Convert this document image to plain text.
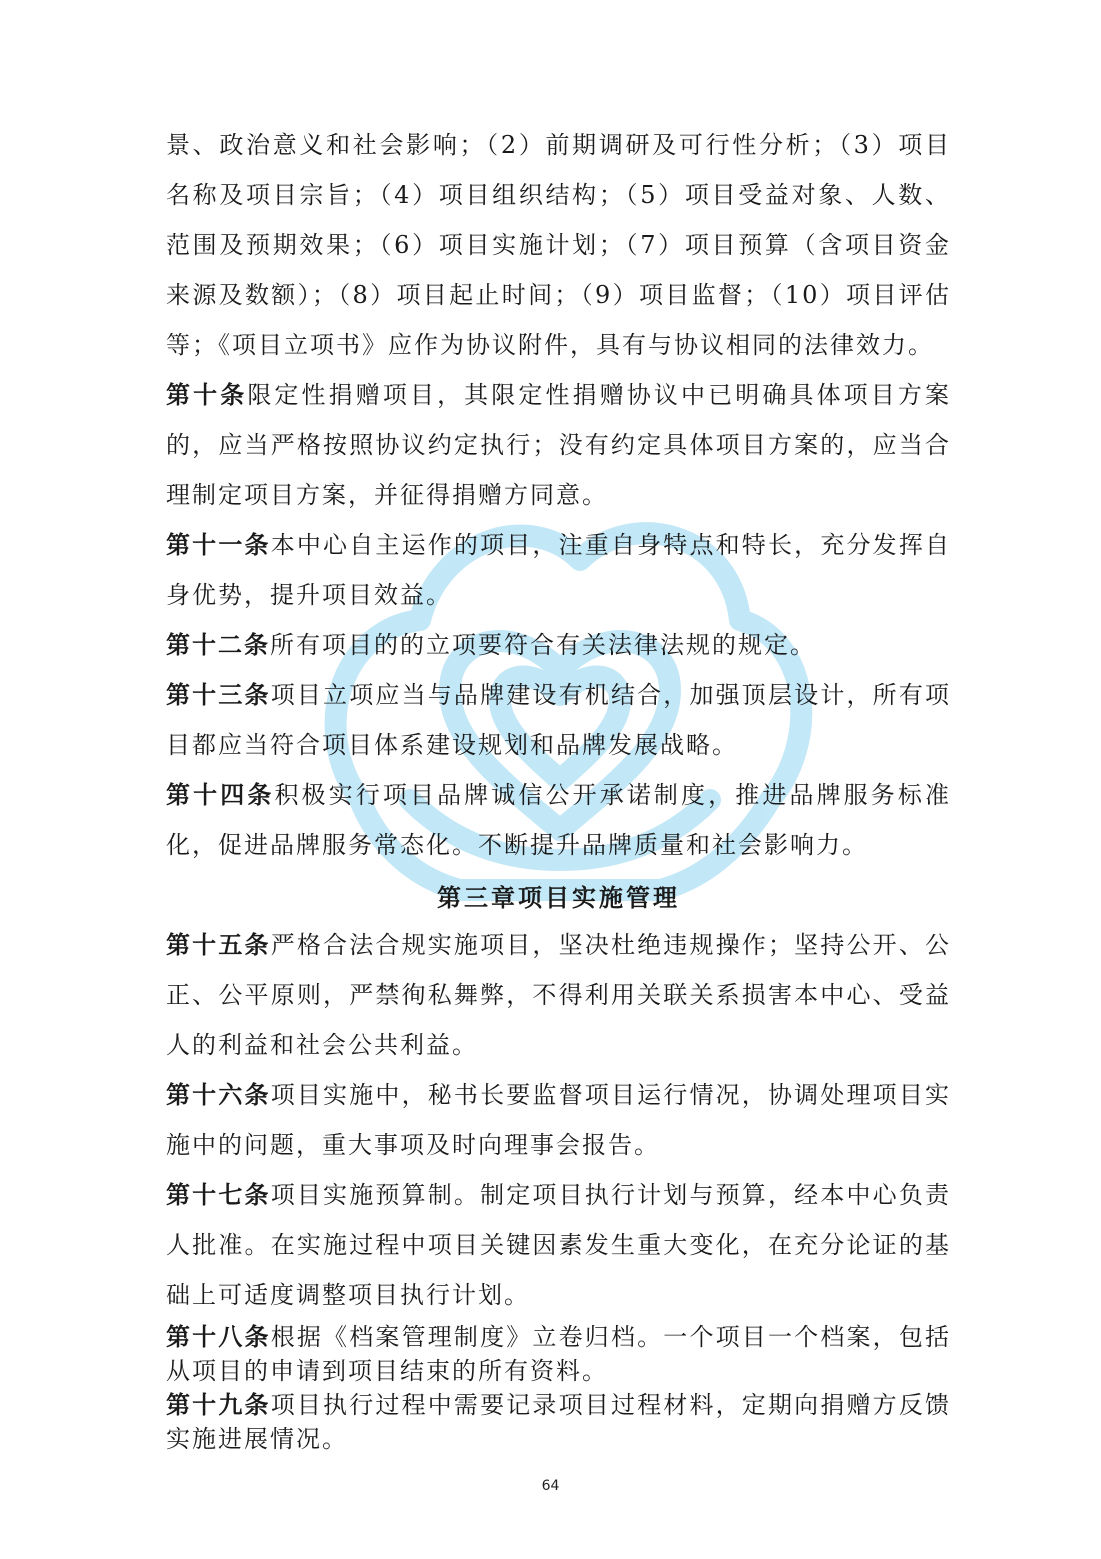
景、政治意义和社会影响；（2）前期调研及可行性分析；（3）项目名称及项目宗旨；（4）项目组织结构；（5）项目受益对象、人数、范围及预期效果；（6）项目实施计划；（7）项目预算（含项目资金来源及数额）；（8）项目起止时间；（9）项目监督；（10）项目评估等；《项目立项书》应作为协议附件，具有与协议相同的法律效力。

第十条限定性捐赠项目，其限定性捐赠协议中已明确具体项目方案的，应当严格按照协议约定执行；没有约定具体项目方案的，应当合理制定项目方案，并征得捐赠方同意。

第十一条本中心自主运作的项目，注重自身特点和特长，充分发挥自身优势，提升项目效益。

第十二条所有项目的的立项要符合有关法律法规的规定。

第十三条项目立项应当与品牌建设有机结合，加强顶层设计，所有项目都应当符合项目体系建设规划和品牌发展战略。

第十四条积极实行项目品牌诚信公开承诺制度，推进品牌服务标准化，促进品牌服务常态化。不断提升品牌质量和社会影响力。

第三章项目实施管理

第十五条严格合法合规实施项目，坚决杜绝违规操作；坚持公开、公正、公平原则，严禁徇私舞弊，不得利用关联关系损害本中心、受益人的利益和社会公共利益。

第十六条项目实施中，秘书长要监督项目运行情况，协调处理项目实施中的问题，重大事项及时向理事会报告。

第十七条项目实施预算制。制定项目执行计划与预算，经本中心负责人批准。在实施过程中项目关键因素发生重大变化，在充分论证的基础上可适度调整项目执行计划。

第十八条根据《档案管理制度》立卷归档。一个项目一个档案，包括从项目的申请到项目结束的所有资料。

第十九条项目执行过程中需要记录项目过程材料，定期向捐赠方反馈实施进展情况。

64
